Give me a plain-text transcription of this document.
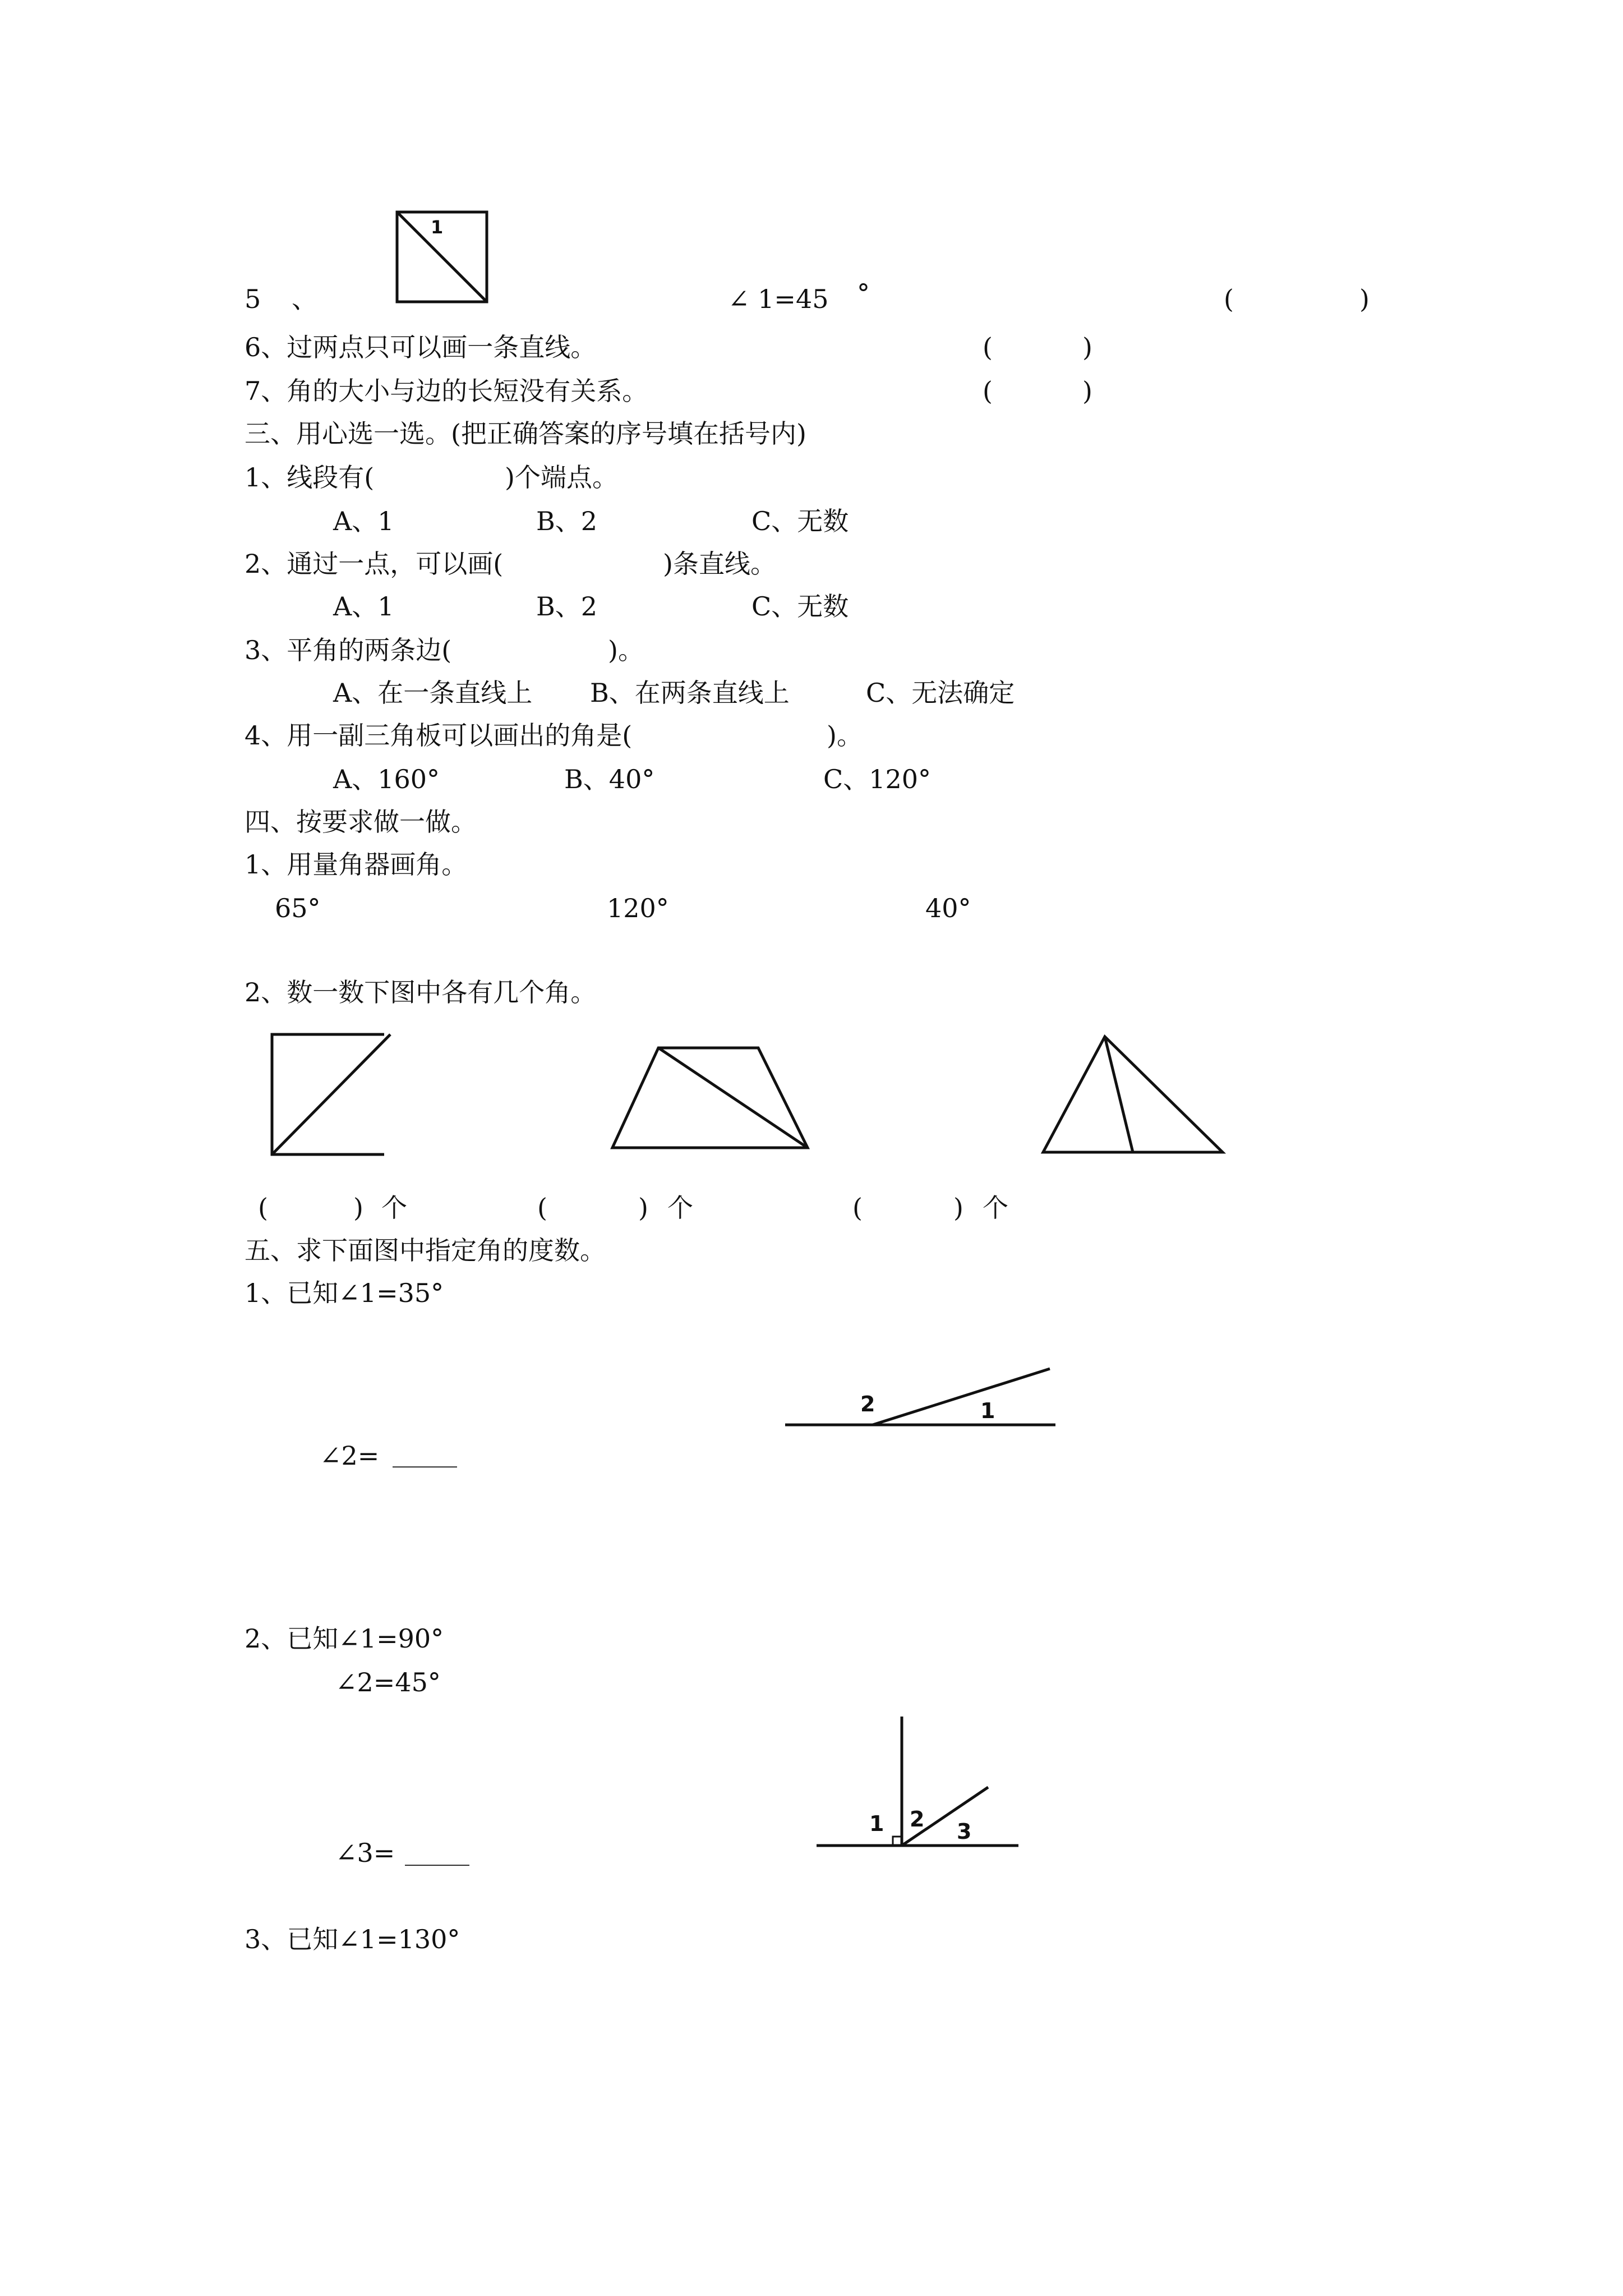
5 、
1
∠ 1=45 °	(	)
6、过两点只可以画一条直线。	(	)
7、角的大小与边的长短没有关系。	(	)
三、用心选一选。(把正确答案的序号填在括号内)
1、线段有(	)个端点。
A、1	B、2	C、无数
2、通过一点，可以画(	)条直线。
A、1	B、2	C、无数
3、平角的两条边(	)。
A、在一条直线上 B、在两条直线上	C、无法确定
4、用一副三角板可以画出的角是(	)。
A、160°	B、40°	C、120°
四、按要求做一做。
1、用量角器画角。
65°	120°	40°
2、数一数下图中各有几个角。
(	) 个	(	) 个	(	) 个
五、求下面图中指定角的度数。
1、已知∠1=35°
2	1
∠2= _____
2、已知∠1=90°
∠2=45°
1 2 3
∠3= _____
3、已知∠1=130°
